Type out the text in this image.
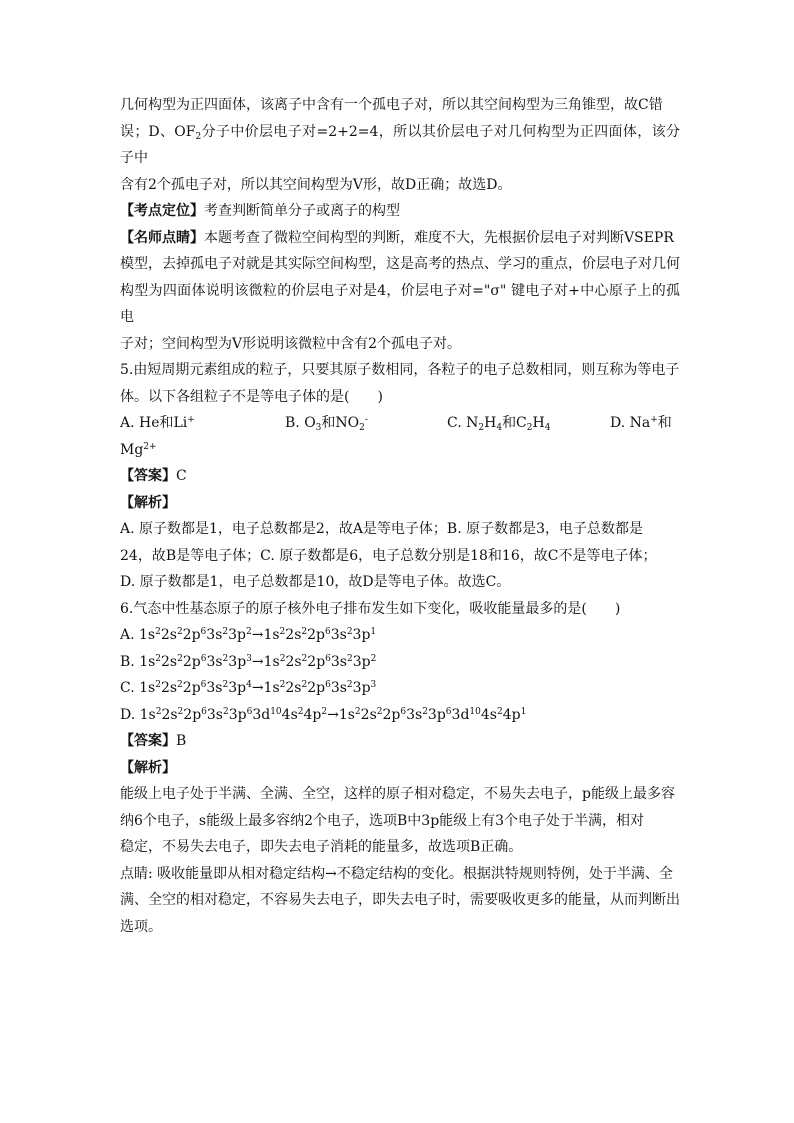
几何构型为正四面体，该离子中含有一个孤电子对，所以其空间构型为三角锥型，故C错
误；D、$OF_2$分子中价层电子对=2+2=4，所以其价层电子对几何构型为正四面体，该分子中
含有2个孤电子对，所以其空间构型为V形，故D正确；故选D。
【考点定位】考查判断简单分子或离子的构型
【名师点睛】本题考查了微粒空间构型的判断，难度不大，先根据价层电子对判断VSEPR
模型，去掉孤电子对就是其实际空间构型，这是高考的热点、学习的重点，价层电子对几何
构型为四面体说明该微粒的价层电子对是4，价层电子对="σ" 键电子对+中心原子上的孤电
子对；空间构型为V形说明该微粒中含有2个孤电子对。

5.由短周期元素组成的粒子，只要其原子数相同，各粒子的电子总数相同，则互称为等电子
体。以下各组粒子不是等电子体的是(　　)

A. He和Li+	B. $O_3$和$NO_2^-$	C. $N_2H_4$和$C_2H_4$	D. Na+和

$Mg^{2+}$
【答案】C
【解析】
A. 原子数都是1，电子总数都是2，故A是等电子体；B. 原子数都是3，电子总数都是
24，故B是等电子体；C. 原子数都是6，电子总数分别是18和16，故C不是等电子体；
D. 原子数都是1，电子总数都是10，故D是等电子体。故选C。

6.气态中性基态原子的原子核外电子排布发生如下变化，吸收能量最多的是(　　)
A. $1s^22s^22p^63s^23p^2\to 1s^22s^22p^63s^23p^1$
B. $1s^22s^22p^63s^23p^3\to 1s^22s^22p^63s^23p^2$
C. $1s^22s^22p^63s^23p^4\to 1s^22s^22p^63s^23p^3$
D. $1s^22s^22p^63s^23p^63d^{10}4s^24p^2\to 1s^22s^22p^63s^23p^63d^{10}4s^24p^1$
【答案】B
【解析】
能级上电子处于半满、全满、全空，这样的原子相对稳定，不易失去电子，p能级上最多容
纳6个电子，s能级上最多容纳2个电子，选项B中3p能级上有3个电子处于半满，相对
稳定，不易失去电子，即失去电子消耗的能量多，故选项B正确。
点睛: 吸收能量即从相对稳定结构→不稳定结构的变化。根据洪特规则特例，处于半满、全
满、全空的相对稳定，不容易失去电子，即失去电子时，需要吸收更多的能量，从而判断出
选项。
